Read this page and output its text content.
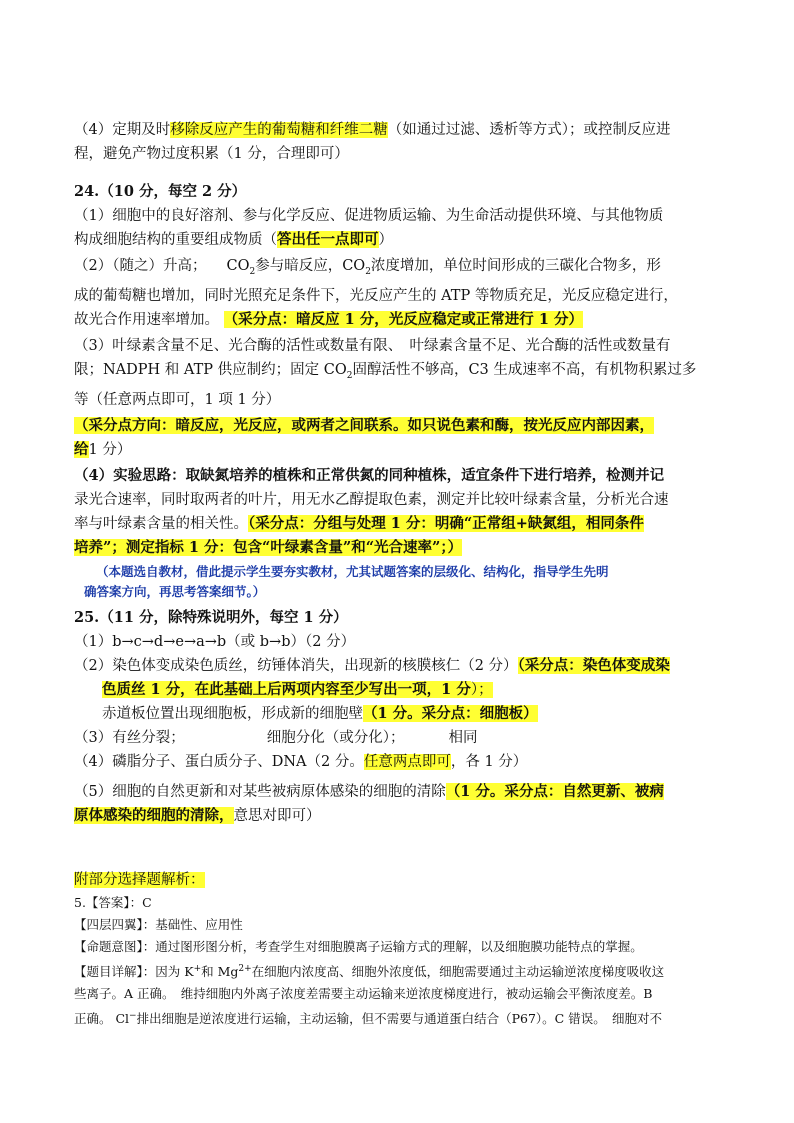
（4）定期及时移除反应产生的葡萄糖和纤维二糖（如通过过滤、透析等方式）；或控制反应进
程，避免产物过度积累（1 分，合理即可）
24.（10 分，每空 2 分）
（1）细胞中的良好溶剂、参与化学反应、促进物质运输、为生命活动提供环境、与其他物质
构成细胞结构的重要组成物质（答出任一点即可）
（2）（随之）升高； $CO_2$参与暗反应，$CO_2$浓度增加，单位时间形成的三碳化合物多，形
成的葡萄糖也增加，同时光照充足条件下，光反应产生的 ATP 等物质充足，光反应稳定进行，
故光合作用速率增加。 （采分点：暗反应 1 分，光反应稳定或正常进行 1 分）
（3）叶绿素含量不足、光合酶的活性或数量有限、　叶绿素含量不足、光合酶的活性或数量有
限；NADPH 和 ATP 供应制约；固定 $CO_2$固醇活性不够高，C3 生成速率不高，有机物积累过多
等（任意两点即可，1 项 1 分）
（采分点方向：暗反应，光反应，或两者之间联系。如只说色素和酶，按光反应内部因素，
给1 分）
（4）实验思路：取缺氮培养的植株和正常供氮的同种植株，适宜条件下进行培养，检测并记
录光合速率，同时取两者的叶片，用无水乙醇提取色素，测定并比较叶绿素含量，分析光合速
率与叶绿素含量的相关性。（采分点：分组与处理 1 分：明确“正常组+缺氮组，相同条件
培养”；测定指标 1 分：包含“叶绿素含量”和“光合速率”；）
（本题选自教材，借此提示学生要夯实教材，尤其试题答案的层级化、结构化，指导学生先明
确答案方向，再思考答案细节。）
25.（11 分，除特殊说明外，每空 1 分）
（1）b→c→d→e→a→b（或 b→b）（2 分）
（2）染色体变成染色质丝，纺锤体消失，出现新的核膜核仁（2 分）（采分点：染色体变成染
色质丝 1 分，在此基础上后两项内容至少写出一项，1 分）；
赤道板位置出现细胞板，形成新的细胞壁（1 分。采分点：细胞板）
（3）有丝分裂；	细胞分化（或分化）；	相同
（4）磷脂分子、蛋白质分子、DNA（2 分。任意两点即可，各 1 分）
（5）细胞的自然更新和对某些被病原体感染的细胞的清除（1 分。采分点：自然更新、被病
原体感染的细胞的清除，意思对即可）
附部分选择题解析：
5.【答案】：C
【四层四翼】：基础性、应用性
【命题意图】：通过图形图分析，考查学生对细胞膜离子运输方式的理解，以及细胞膜功能特点的掌握。
【题目详解】：因为 K+和 $Mg^{2+}$在细胞内浓度高、细胞外浓度低，细胞需要通过主动运输逆浓度梯度吸收这
些离子。A 正确。　维持细胞内外离子浓度差需要主动运输来逆浓度梯度进行，被动运输会平衡浓度差。B
正确。 Cl−排出细胞是逆浓度进行运输，主动运输，但不需要与通道蛋白结合（P67）。C 错误。　细胞对不
